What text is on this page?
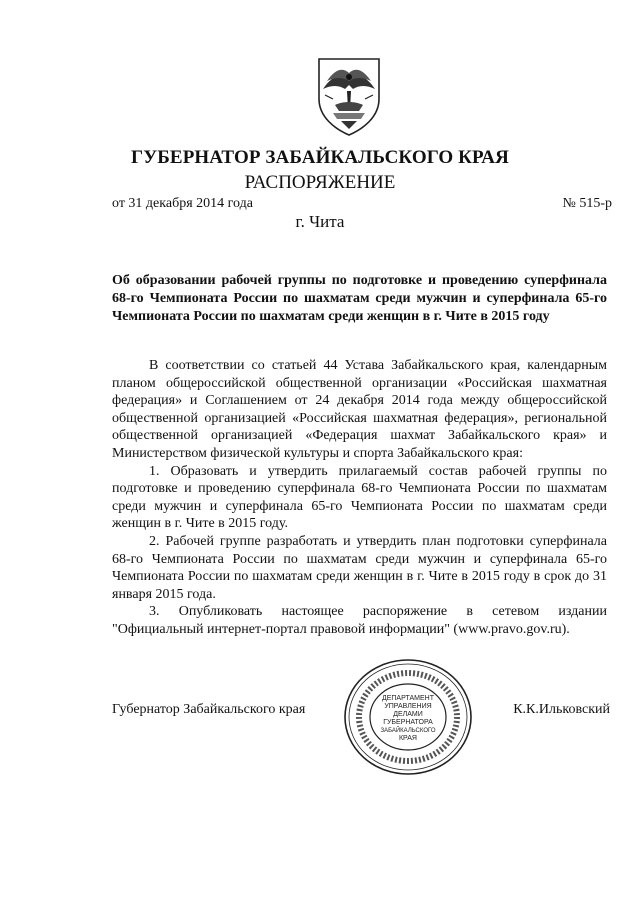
ГУБЕРНАТОР ЗАБАЙКАЛЬСКОГО КРАЯ
РАСПОРЯЖЕНИЕ
от 31 декабря 2014 года	№ 515-р
г. Чита
Об образовании рабочей группы по подготовке и проведению суперфинала 68-го Чемпионата России по шахматам среди мужчин и суперфинала 65-го Чемпионата России по шахматам среди женщин в г. Чите в 2015 году

В соответствии со статьей 44 Устава Забайкальского края, календарным планом общероссийской общественной организации «Российская шахматная федерация» и Соглашением от 24 декабря 2014 года между общероссийской общественной организацией «Российская шахматная федерация», региональной общественной организацией «Федерация шахмат Забайкальского края» и Министерством физической культуры и спорта Забайкальского края:

1. Образовать и утвердить прилагаемый состав рабочей группы по подготовке и проведению суперфинала 68-го Чемпионата России по шахматам среди мужчин и суперфинала 65-го Чемпионата России по шахматам среди женщин в г. Чите в 2015 году.

2. Рабочей группе разработать и утвердить план подготовки суперфинала 68-го Чемпионата России по шахматам среди мужчин и суперфинала 65-го Чемпионата России по шахматам среди женщин в г. Чите в 2015 году в срок до 31 января 2015 года.

3. Опубликовать настоящее распоряжение в сетевом издании "Официальный интернет-портал правовой информации" (www.pravo.gov.ru).

Губернатор Забайкальского края	К.К.Ильковский
ДЕПАРТАМЕНТ
УПРАВЛЕНИЯ
ДЕЛАМИ
ГУБЕРНАТОРА
ЗАБАЙКАЛЬСКОГО
КРАЯ
